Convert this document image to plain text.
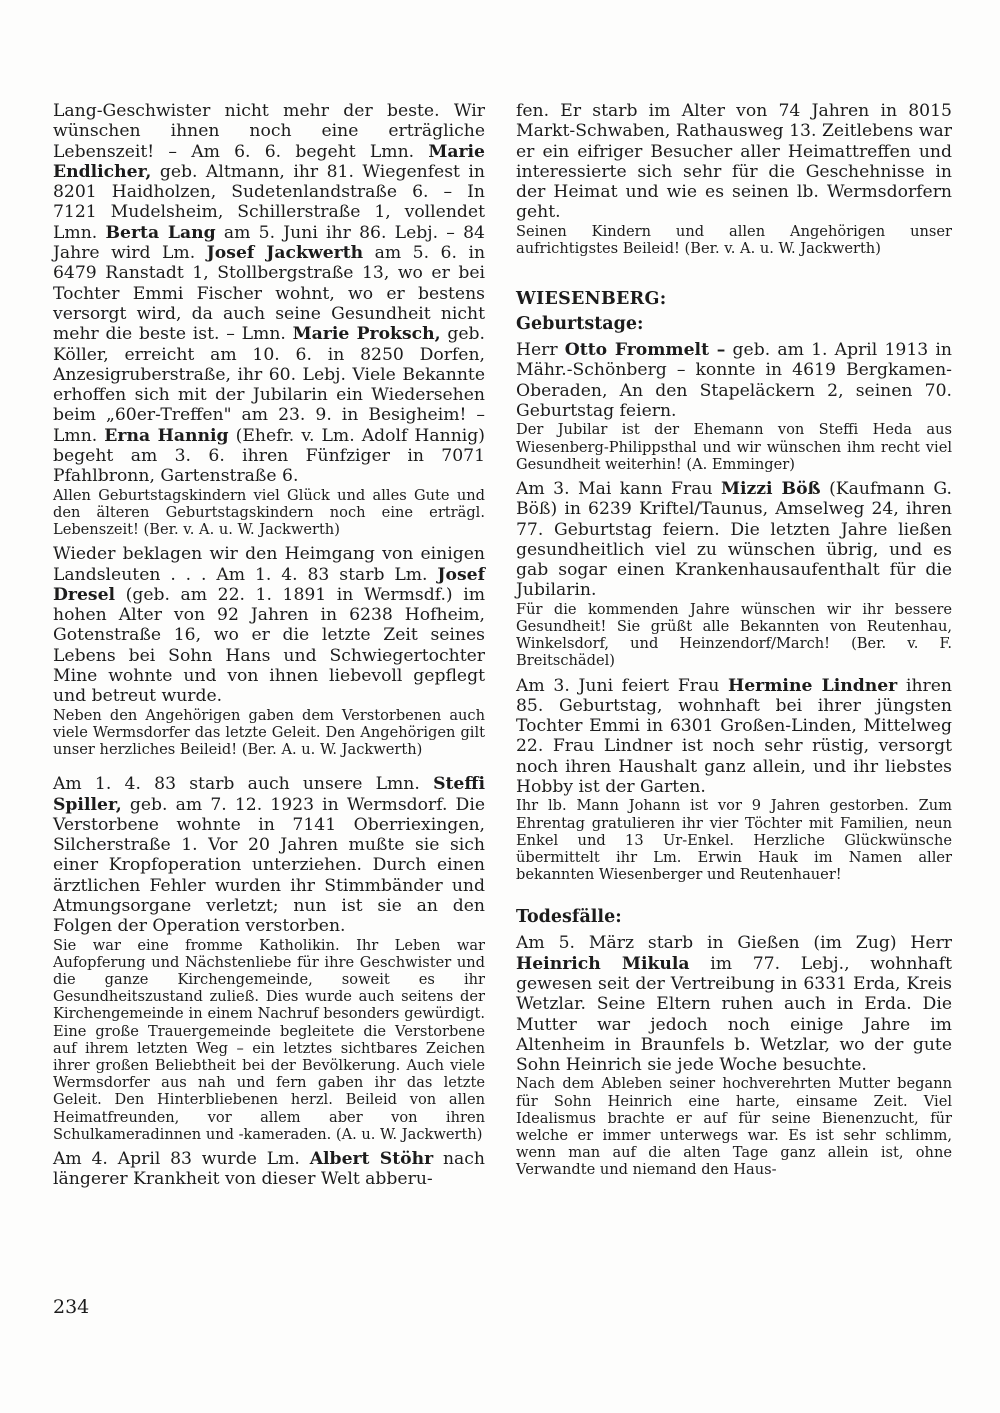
Lang-Geschwister nicht mehr der beste. Wir wünschen ihnen noch eine erträgliche Lebenszeit! – Am 6. 6. begeht Lmn. Marie Endlicher, geb. Altmann, ihr 81. Wiegenfest in 8201 Haidholzen, Sudetenlandstraße 6. – In 7121 Mudelsheim, Schillerstraße 1, vollendet Lmn. Berta Lang am 5. Juni ihr 86. Lebj. – 84 Jahre wird Lm. Josef Jackwerth am 5. 6. in 6479 Ranstadt 1, Stollbergstraße 13, wo er bei Tochter Emmi Fischer wohnt, wo er bestens versorgt wird, da auch seine Gesundheit nicht mehr die beste ist. – Lmn. Marie Proksch, geb. Köller, erreicht am 10. 6. in 8250 Dorfen, Anzesigruberstraße, ihr 60. Lebj. Viele Bekannte erhoffen sich mit der Jubilarin ein Wiedersehen beim „60er-Treffen" am 23. 9. in Besigheim! – Lmn. Erna Hannig (Ehefr. v. Lm. Adolf Hannig) begeht am 3. 6. ihren Fünfziger in 7071 Pfahlbronn, Gartenstraße 6.

Allen Geburtstagskindern viel Glück und alles Gute und den älteren Geburtstagskindern noch eine erträgl. Lebenszeit! (Ber. v. A. u. W. Jackwerth)

Wieder beklagen wir den Heimgang von einigen Landsleuten . . . Am 1. 4. 83 starb Lm. Josef Dresel (geb. am 22. 1. 1891 in Wermsdf.) im hohen Alter von 92 Jahren in 6238 Hofheim, Gotenstraße 16, wo er die letzte Zeit seines Lebens bei Sohn Hans und Schwiegertochter Mine wohnte und von ihnen liebevoll gepflegt und betreut wurde.

Neben den Angehörigen gaben dem Verstorbenen auch viele Wermsdorfer das letzte Geleit. Den Angehörigen gilt unser herzliches Beileid! (Ber. A. u. W. Jackwerth)

Am 1. 4. 83 starb auch unsere Lmn. Steffi Spiller, geb. am 7. 12. 1923 in Wermsdorf. Die Verstorbene wohnte in 7141 Oberriexingen, Silcherstraße 1. Vor 20 Jahren mußte sie sich einer Kropfoperation unterziehen. Durch einen ärztlichen Fehler wurden ihr Stimmbänder und Atmungsorgane verletzt; nun ist sie an den Folgen der Operation verstorben.

Sie war eine fromme Katholikin. Ihr Leben war Aufopferung und Nächstenliebe für ihre Geschwister und die ganze Kirchengemeinde, soweit es ihr Gesundheitszustand zuließ. Dies wurde auch seitens der Kirchengemeinde in einem Nachruf besonders gewürdigt. Eine große Trauergemeinde begleitete die Verstorbene auf ihrem letzten Weg – ein letztes sichtbares Zeichen ihrer großen Beliebtheit bei der Bevölkerung. Auch viele Wermsdorfer aus nah und fern gaben ihr das letzte Geleit. Den Hinterbliebenen herzl. Beileid von allen Heimatfreunden, vor allem aber von ihren Schulkameradinnen und -kameraden. (A. u. W. Jackwerth)

Am 4. April 83 wurde Lm. Albert Stöhr nach längerer Krankheit von dieser Welt abberu-

fen. Er starb im Alter von 74 Jahren in 8015 Markt-Schwaben, Rathausweg 13. Zeitlebens war er ein eifriger Besucher aller Heimattreffen und interessierte sich sehr für die Geschehnisse in der Heimat und wie es seinen lb. Wermsdorfern geht.

Seinen Kindern und allen Angehörigen unser aufrichtigstes Beileid! (Ber. v. A. u. W. Jackwerth)

WIESENBERG:
Geburtstage:

Herr Otto Frommelt – geb. am 1. April 1913 in Mähr.-Schönberg – konnte in 4619 Bergkamen-Oberaden, An den Stapeläckern 2, seinen 70. Geburtstag feiern.

Der Jubilar ist der Ehemann von Steffi Heda aus Wiesenberg-Philippsthal und wir wünschen ihm recht viel Gesundheit weiterhin! (A. Emminger)

Am 3. Mai kann Frau Mizzi Böß (Kaufmann G. Böß) in 6239 Kriftel/Taunus, Amselweg 24, ihren 77. Geburtstag feiern. Die letzten Jahre ließen gesundheitlich viel zu wünschen übrig, und es gab sogar einen Krankenhausaufenthalt für die Jubilarin.

Für die kommenden Jahre wünschen wir ihr bessere Gesundheit! Sie grüßt alle Bekannten von Reutenhau, Winkelsdorf, und Heinzendorf/March! (Ber. v. F. Breitschädel)

Am 3. Juni feiert Frau Hermine Lindner ihren 85. Geburtstag, wohnhaft bei ihrer jüngsten Tochter Emmi in 6301 Großen-Linden, Mittelweg 22. Frau Lindner ist noch sehr rüstig, versorgt noch ihren Haushalt ganz allein, und ihr liebstes Hobby ist der Garten.

Ihr lb. Mann Johann ist vor 9 Jahren gestorben. Zum Ehrentag gratulieren ihr vier Töchter mit Familien, neun Enkel und 13 Ur-Enkel. Herzliche Glückwünsche übermittelt ihr Lm. Erwin Hauk im Namen aller bekannten Wiesenberger und Reutenhauer!

Todesfälle:

Am 5. März starb in Gießen (im Zug) Herr Heinrich Mikula im 77. Lebj., wohnhaft gewesen seit der Vertreibung in 6331 Erda, Kreis Wetzlar. Seine Eltern ruhen auch in Erda. Die Mutter war jedoch noch einige Jahre im Altenheim in Braunfels b. Wetzlar, wo der gute Sohn Heinrich sie jede Woche besuchte.

Nach dem Ableben seiner hochverehrten Mutter begann für Sohn Heinrich eine harte, einsame Zeit. Viel Idealismus brachte er auf für seine Bienenzucht, für welche er immer unterwegs war. Es ist sehr schlimm, wenn man auf die alten Tage ganz allein ist, ohne Verwandte und niemand den Haus-

234
